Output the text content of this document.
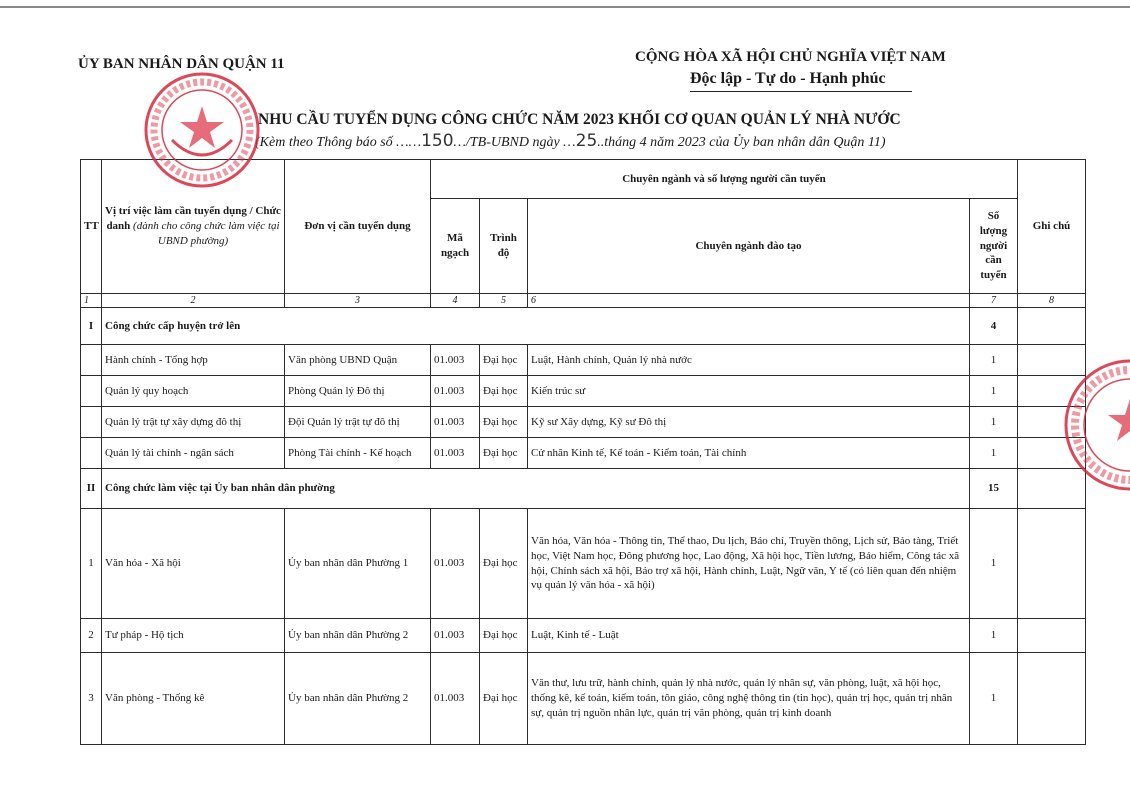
ỦY BAN NHÂN DÂN QUẬN 11	CỘNG HÒA XÃ HỘI CHỦ NGHĨA VIỆT NAM
Độc lập - Tự do - Hạnh phúc
NHU CẦU TUYỂN DỤNG CÔNG CHỨC NĂM 2023 KHỐI CƠ QUAN QUẢN LÝ NHÀ NƯỚC
(Kèm theo Thông báo số ……150…/TB-UBND ngày …25..tháng 4 năm 2023 của Ủy ban nhân dân Quận 11)
TT	Vị trí việc làm cần tuyển dụng / Chức danh (dành cho công chức làm việc tại UBND phường)	Đơn vị cần tuyển dụng	Chuyên ngành và số lượng người cần tuyển				Ghi chú
			Mã ngạch	Trình độ	Chuyên ngành đào tạo	Số lượng người cần tuyển	
1	2	3	4	5	6	7	8
I	Công chức cấp huyện trở lên					4	
	Hành chính - Tổng hợp	Văn phòng UBND Quận	01.003	Đại học	Luật, Hành chính, Quản lý nhà nước	1	
	Quản lý quy hoạch	Phòng Quản lý Đô thị	01.003	Đại học	Kiến trúc sư	1	
	Quản lý trật tự xây dựng đô thị	Đội Quản lý trật tự đô thị	01.003	Đại học	Kỹ sư Xây dựng, Kỹ sư Đô thị	1	
	Quản lý tài chính - ngân sách	Phòng Tài chính - Kế hoạch	01.003	Đại học	Cử nhân Kinh tế, Kế toán - Kiểm toán, Tài chính	1	
II	Công chức làm việc tại Ủy ban nhân dân phường					15	
1	Văn hóa - Xã hội	Ủy ban nhân dân Phường 1	01.003	Đại học	Văn hóa, Văn hóa - Thông tin, Thể thao, Du lịch, Báo chí, Truyền thông, Lịch sử, Bảo tàng, Triết học, Việt Nam học, Đông phương học, Lao động, Xã hội học, Tiền lương, Bảo hiểm, Công tác xã hội, Chính sách xã hội, Bảo trợ xã hội, Hành chính, Luật, Ngữ văn, Y tế (có liên quan đến nhiệm vụ quản lý văn hóa - xã hội)	1	
2	Tư pháp - Hộ tịch	Ủy ban nhân dân Phường 2	01.003	Đại học	Luật, Kinh tế - Luật	1	
3	Văn phòng - Thống kê	Ủy ban nhân dân Phường 2	01.003	Đại học	Văn thư, lưu trữ, hành chính, quản lý nhà nước, quản lý nhân sự, văn phòng, luật, xã hội học, thống kê, kế toán, kiểm toán, tôn giáo, công nghệ thông tin (tin học), quản trị học, quản trị nhân sự, quản trị nguồn nhân lực, quản trị văn phòng, quản trị kinh doanh	1	
